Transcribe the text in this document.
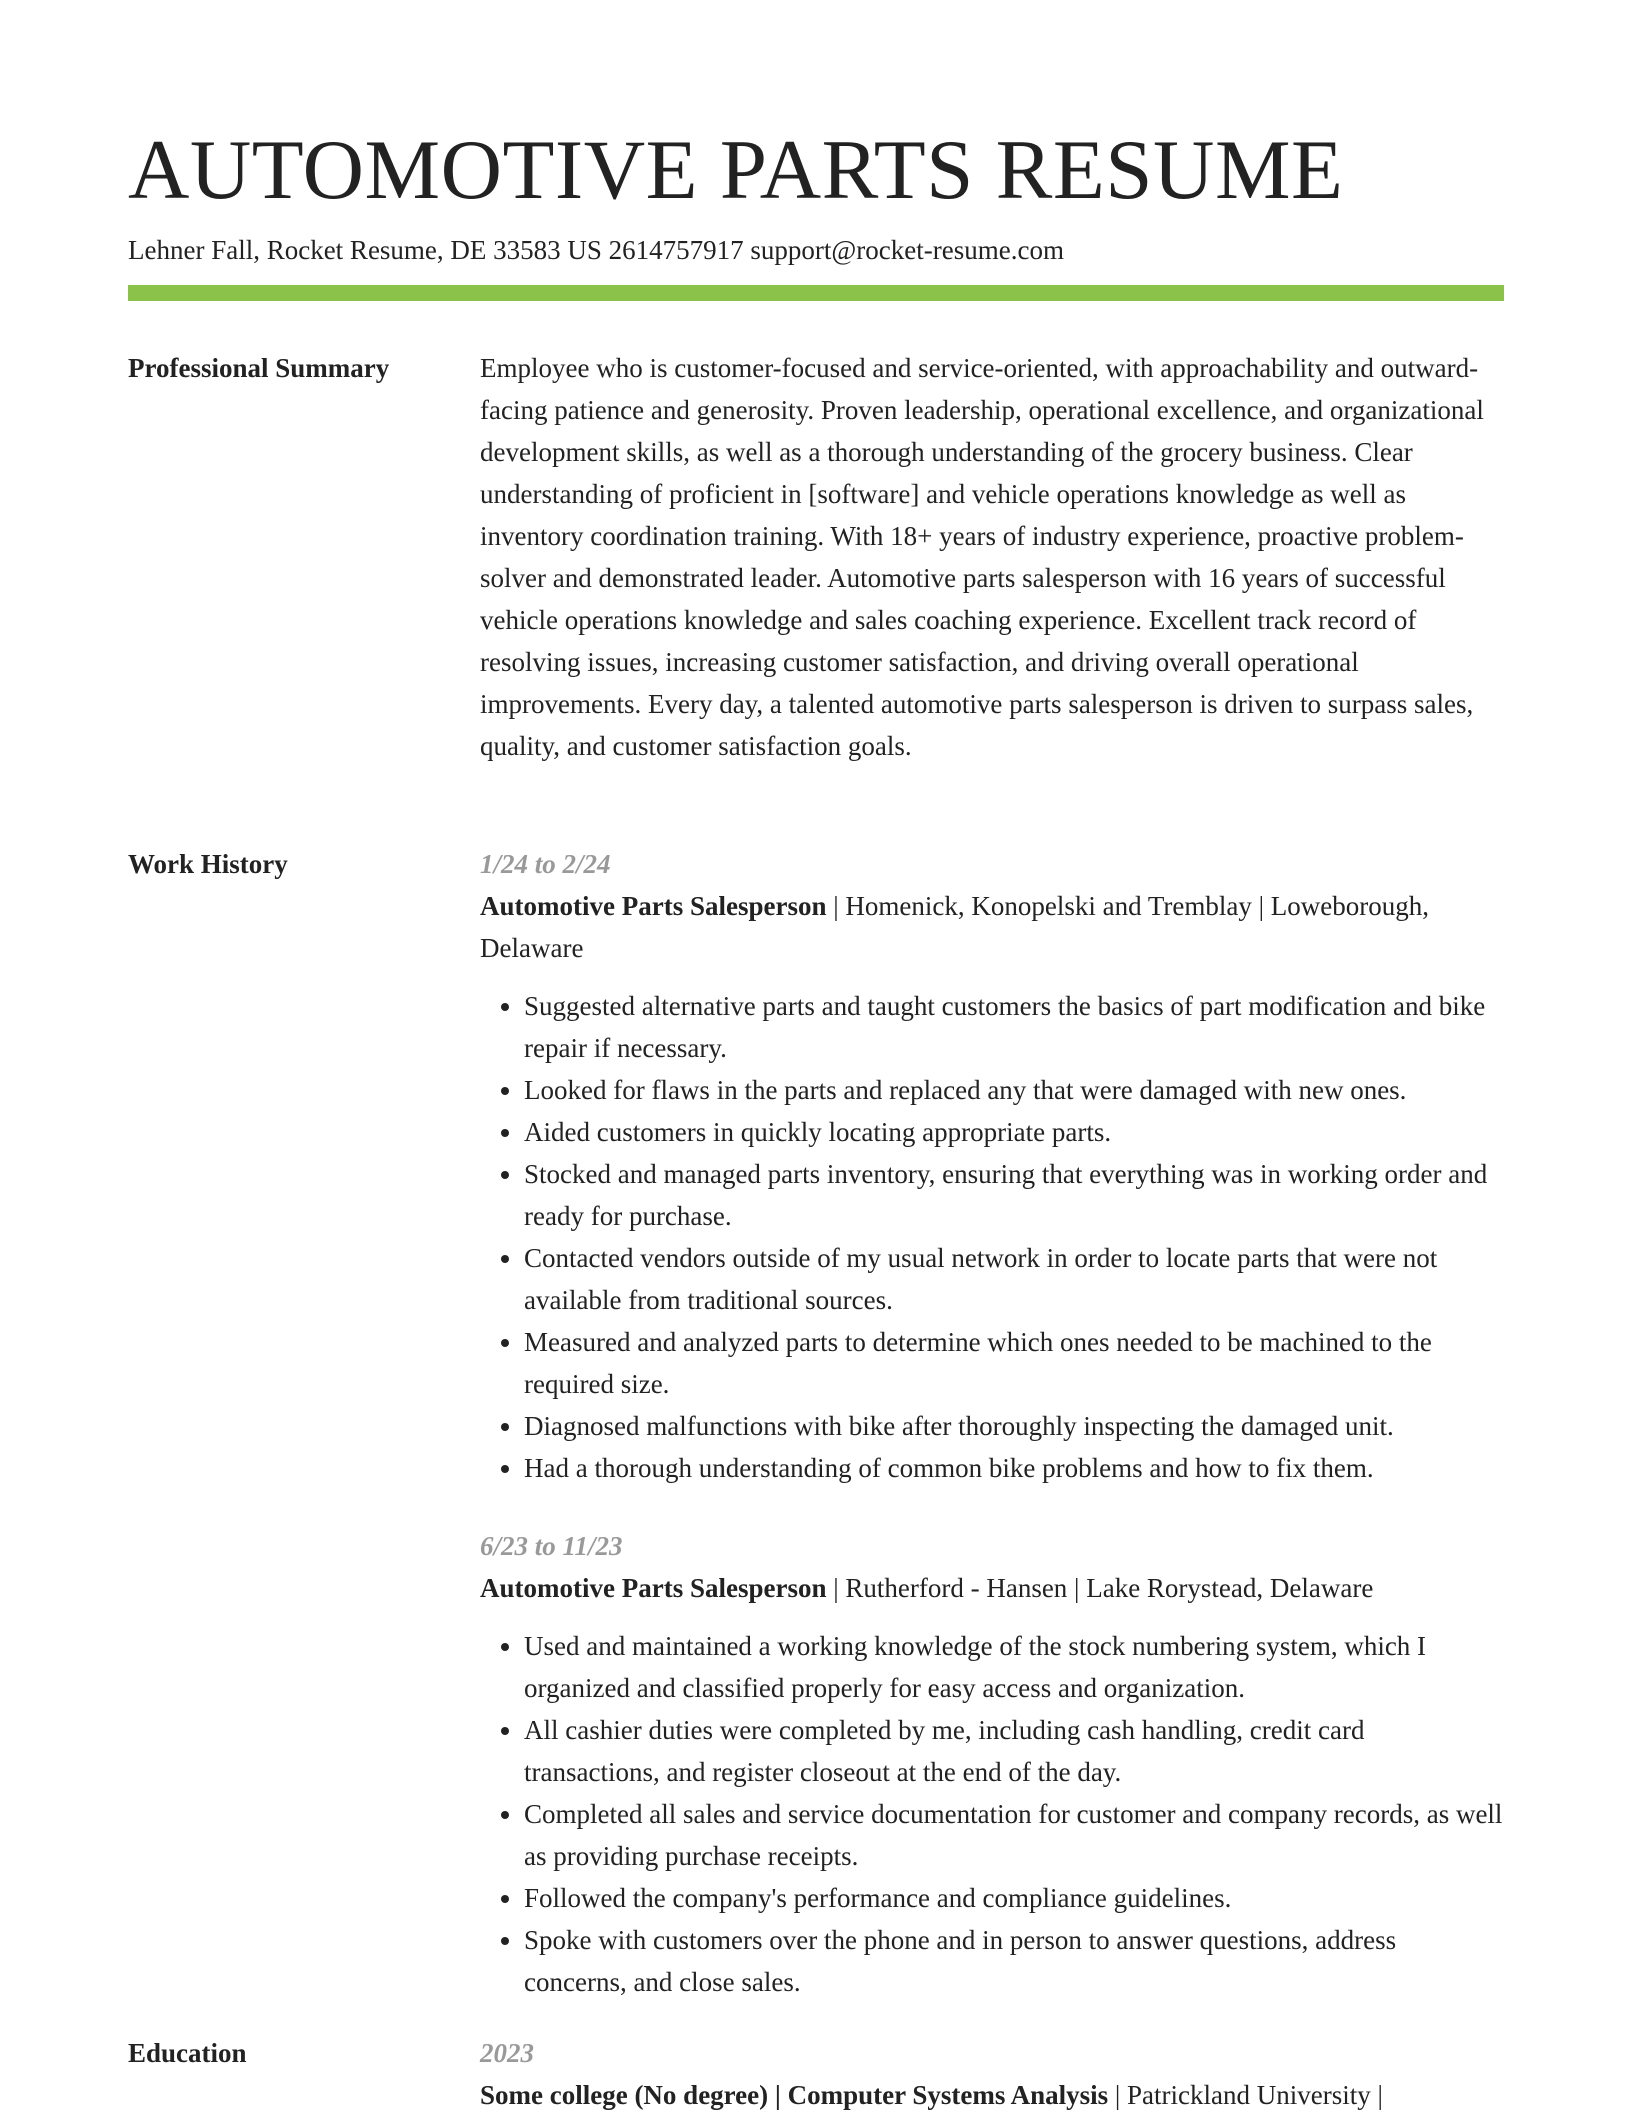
AUTOMOTIVE PARTS RESUME
Lehner Fall, Rocket Resume, DE 33583 US 2614757917 support@rocket-resume.com
Professional Summary	Employee who is customer-focused and service-oriented, with approachability and outward-facing patience and generosity. Proven leadership, operational excellence, and organizational development skills, as well as a thorough understanding of the grocery business. Clear understanding of proficient in [software] and vehicle operations knowledge as well as inventory coordination training. With 18+ years of industry experience, proactive problem-solver and demonstrated leader. Automotive parts salesperson with 16 years of successful vehicle operations knowledge and sales coaching experience. Excellent track record of resolving issues, increasing customer satisfaction, and driving overall operational improvements. Every day, a talented automotive parts salesperson is driven to surpass sales, quality, and customer satisfaction goals.

Work History	1/24 to 2/24

Automotive Parts Salesperson | Homenick, Konopelski and Tremblay | Loweborough, Delaware

• Suggested alternative parts and taught customers the basics of part modification and bike repair if necessary.
• Looked for flaws in the parts and replaced any that were damaged with new ones.
• Aided customers in quickly locating appropriate parts.
• Stocked and managed parts inventory, ensuring that everything was in working order and ready for purchase.
• Contacted vendors outside of my usual network in order to locate parts that were not available from traditional sources.
• Measured and analyzed parts to determine which ones needed to be machined to the required size.
• Diagnosed malfunctions with bike after thoroughly inspecting the damaged unit.
• Had a thorough understanding of common bike problems and how to fix them.
6/23 to 11/23

Automotive Parts Salesperson | Rutherford - Hansen | Lake Rorystead, Delaware

• Used and maintained a working knowledge of the stock numbering system, which I organized and classified properly for easy access and organization.
• All cashier duties were completed by me, including cash handling, credit card transactions, and register closeout at the end of the day.
• Completed all sales and service documentation for customer and company records, as well as providing purchase receipts.
• Followed the company's performance and compliance guidelines.
• Spoke with customers over the phone and in person to answer questions, address concerns, and close sales.
Education	2023

Some college (No degree) | Computer Systems Analysis | Patrickland University |
